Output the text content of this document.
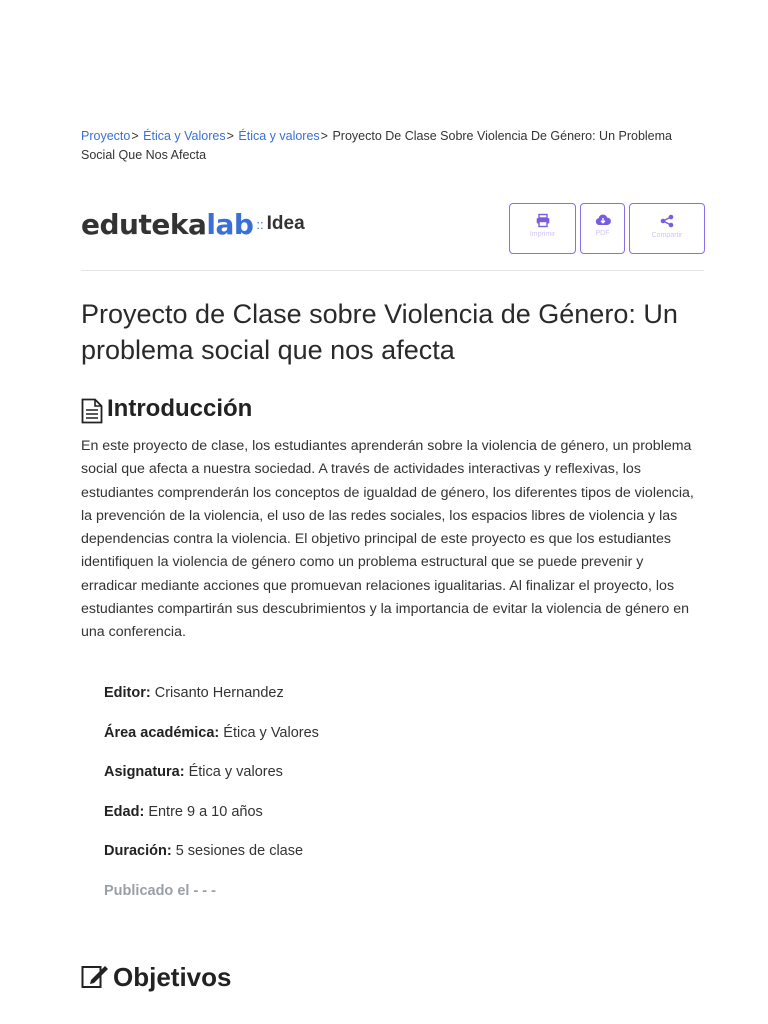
Proyecto> Ética y Valores> Ética y valores> Proyecto De Clase Sobre Violencia De Género: Un Problema Social Que Nos Afecta
eduteka lab :: Idea
Imprimir	PDF	Compartir
Proyecto de Clase sobre Violencia de Género: Un problema social que nos afecta
Introducción

En este proyecto de clase, los estudiantes aprenderán sobre la violencia de género, un problema social que afecta a nuestra sociedad. A través de actividades interactivas y reflexivas, los estudiantes comprenderán los conceptos de igualdad de género, los diferentes tipos de violencia, la prevención de la violencia, el uso de las redes sociales, los espacios libres de violencia y las dependencias contra la violencia. El objetivo principal de este proyecto es que los estudiantes identifiquen la violencia de género como un problema estructural que se puede prevenir y erradicar mediante acciones que promuevan relaciones igualitarias. Al finalizar el proyecto, los estudiantes compartirán sus descubrimientos y la importancia de evitar la violencia de género en una conferencia.

Editor: Crisanto Hernandez
Área académica: Ética y Valores
Asignatura: Ética y valores
Edad: Entre 9 a 10 años
Duración: 5 sesiones de clase
Publicado el - - -
Objetivos
